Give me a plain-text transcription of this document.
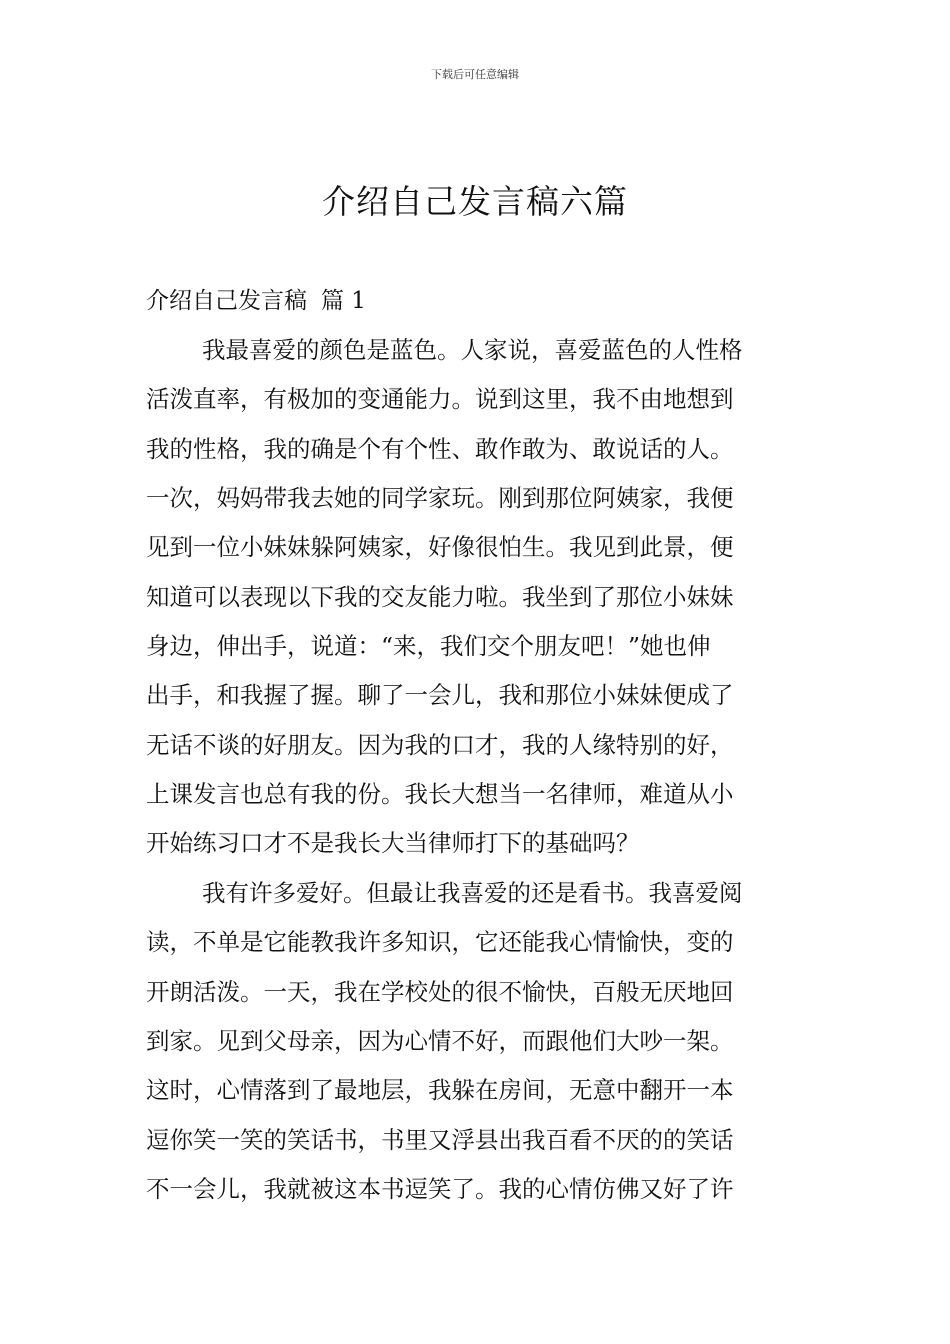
下载后可任意编辑
介绍自己发言稿六篇
介绍自己发言稿 篇 1
我最喜爱的颜色是蓝色。人家说，喜爱蓝色的人性格
活泼直率，有极加的变通能力。说到这里，我不由地想到
我的性格，我的确是个有个性、敢作敢为、敢说话的人。
一次，妈妈带我去她的同学家玩。刚到那位阿姨家，我便
见到一位小妹妹躲阿姨家，好像很怕生。我见到此景，便
知道可以表现以下我的交友能力啦。我坐到了那位小妹妹
身边，伸出手，说道：“来，我们交个朋友吧！”她也伸
出手，和我握了握。聊了一会儿，我和那位小妹妹便成了
无话不谈的好朋友。因为我的口才，我的人缘特别的好，
上课发言也总有我的份。我长大想当一名律师，难道从小
开始练习口才不是我长大当律师打下的基础吗？
我有许多爱好。但最让我喜爱的还是看书。我喜爱阅
读，不单是它能教我许多知识，它还能我心情愉快，变的
开朗活泼。一天，我在学校处的很不愉快，百般无厌地回
到家。见到父母亲，因为心情不好，而跟他们大吵一架。
这时，心情落到了最地层，我躲在房间，无意中翻开一本
逗你笑一笑的笑话书，书里又浮县出我百看不厌的的笑话
不一会儿，我就被这本书逗笑了。我的心情仿佛又好了许
